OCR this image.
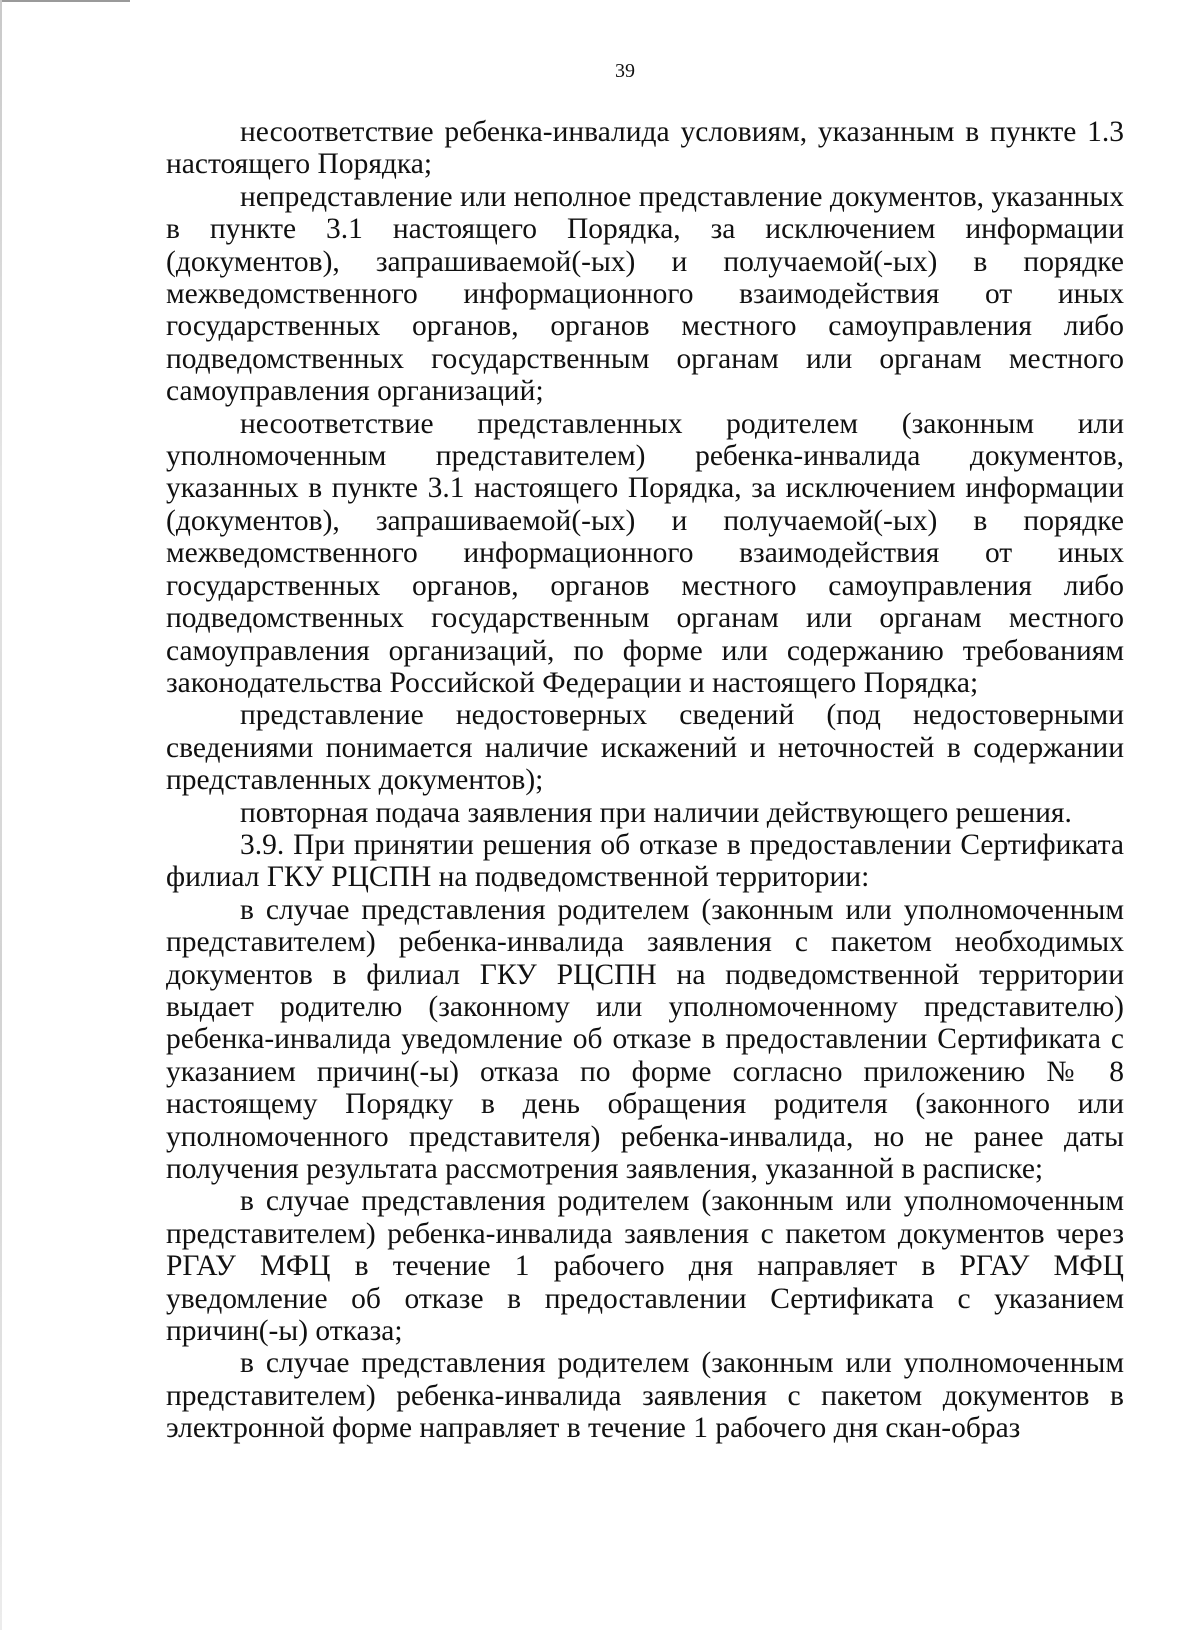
39

несоответствие ребенка-инвалида условиям, указанным в пункте 1.3 настоящего Порядка;

непредставление или неполное представление документов, указанных в пункте 3.1 настоящего Порядка, за исключением информации (документов), запрашиваемой(-ых) и получаемой(-ых) в порядке межведомственного информационного взаимодействия от иных государственных органов, органов местного самоуправления либо подведомственных государственным органам или органам местного самоуправления организаций;

несоответствие представленных родителем (законным или уполномоченным представителем) ребенка-инвалида документов, указанных в пункте 3.1 настоящего Порядка, за исключением информации (документов), запрашиваемой(-ых) и получаемой(-ых) в порядке межведомственного информационного взаимодействия от иных государственных органов, органов местного самоуправления либо подведомственных государственным органам или органам местного самоуправления организаций, по форме или содержанию требованиям законодательства Российской Федерации и настоящего Порядка;

представление недостоверных сведений (под недостоверными сведениями понимается наличие искажений и неточностей в содержании представленных документов);

повторная подача заявления при наличии действующего решения.

3.9. При принятии решения об отказе в предоставлении Сертификата филиал ГКУ РЦСПН на подведомственной территории:

в случае представления родителем (законным или уполномоченным представителем) ребенка-инвалида заявления с пакетом необходимых документов в филиал ГКУ РЦСПН на подведомственной территории выдает родителю (законному или уполномоченному представителю) ребенка-инвалида уведомление об отказе в предоставлении Сертификата с указанием причин(-ы) отказа по форме согласно приложению № 8 настоящему Порядку в день обращения родителя (законного или уполномоченного представителя) ребенка-инвалида, но не ранее даты получения результата рассмотрения заявления, указанной в расписке;

в случае представления родителем (законным или уполномоченным представителем) ребенка-инвалида заявления с пакетом документов через РГАУ МФЦ в течение 1 рабочего дня направляет в РГАУ МФЦ уведомление об отказе в предоставлении Сертификата с указанием причин(-ы) отказа;

в случае представления родителем (законным или уполномоченным представителем) ребенка-инвалида заявления с пакетом документов в электронной форме направляет в течение 1 рабочего дня скан-образ
